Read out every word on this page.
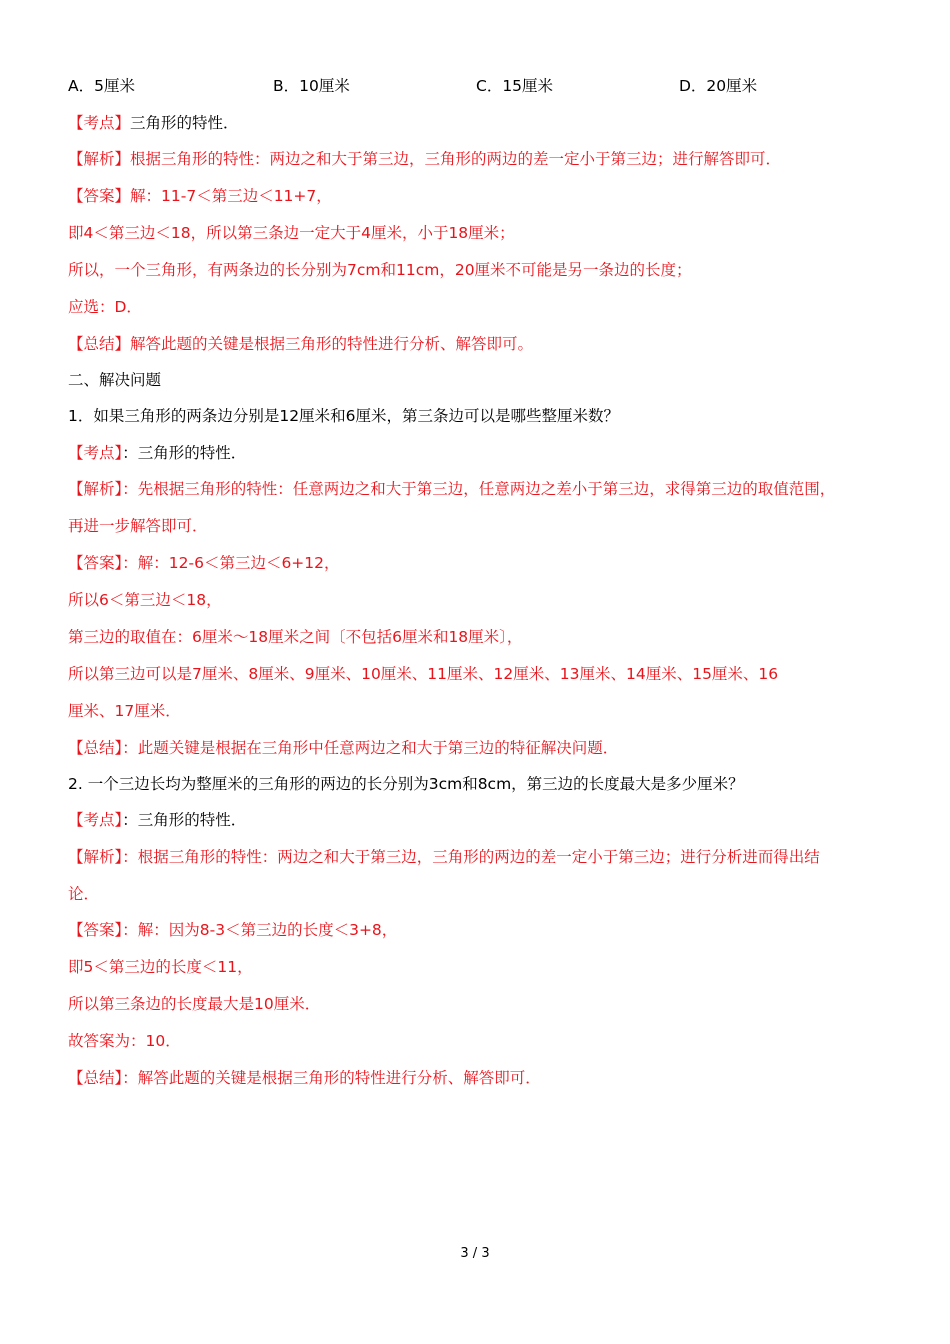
A．5厘米	B．10厘米	C．15厘米	D．20厘米
【考点】三角形的特性．
【解析】根据三角形的特性：两边之和大于第三边，三角形的两边的差一定小于第三边；进行解答即可．
【答案】解：11-7＜第三边＜11+7，
即4＜第三边＜18，所以第三条边一定大于4厘米，小于18厘米；
所以，一个三角形，有两条边的长分别为7cm和11cm，20厘米不可能是另一条边的长度；
应选：D．
【总结】解答此题的关键是根据三角形的特性进行分析、解答即可。
二、解决问题
1．如果三角形的两条边分别是12厘米和6厘米，第三条边可以是哪些整厘米数？
【考点】：三角形的特性．
【解析】：先根据三角形的特性：任意两边之和大于第三边，任意两边之差小于第三边，求得第三边的取值范围，
再进一步解答即可．
【答案】：解：12-6＜第三边＜6+12，
所以6＜第三边＜18，
第三边的取值在：6厘米～18厘米之间〔不包括6厘米和18厘米〕，
所以第三边可以是7厘米、8厘米、9厘米、10厘米、11厘米、12厘米、13厘米、14厘米、15厘米、16
厘米、17厘米．
【总结】：此题关键是根据在三角形中任意两边之和大于第三边的特征解决问题．
2. 一个三边长均为整厘米的三角形的两边的长分别为3cm和8cm，第三边的长度最大是多少厘米？
【考点】：三角形的特性．
【解析】：根据三角形的特性：两边之和大于第三边，三角形的两边的差一定小于第三边；进行分析进而得出结
论．
【答案】：解：因为8-3＜第三边的长度＜3+8，
即5＜第三边的长度＜11，
所以第三条边的长度最大是10厘米．
故答案为：10．
【总结】：解答此题的关键是根据三角形的特性进行分析、解答即可．
3 / 3
